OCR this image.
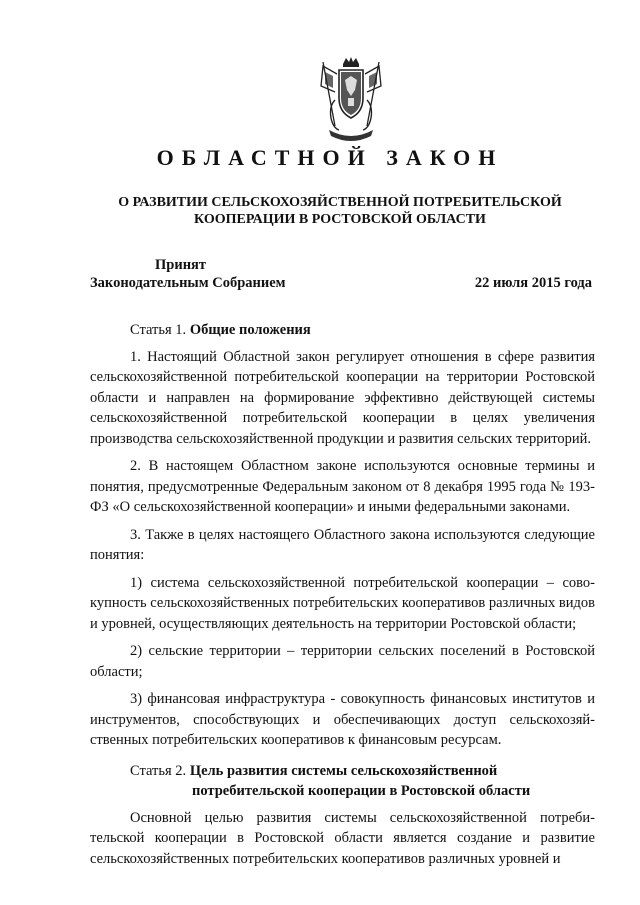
ОБЛАСТНОЙ ЗАКОН
О РАЗВИТИИ СЕЛЬСКОХОЗЯЙСТВЕННОЙ ПОТРЕБИТЕЛЬСКОЙ
КООПЕРАЦИИ В РОСТОВСКОЙ ОБЛАСТИ
Принят
Законодательным Собранием	22 июля 2015 года
Статья 1. Общие положения

1. Настоящий Областной закон регулирует отношения в сфере развития сельскохозяйственной потребительской кооперации на территории Ростовской области и направлен на формирование эффективно действующей системы сельскохозяйственной потребительской кооперации в целях увеличения производства сельскохозяйственной продукции и развития сельских территорий.

2. В настоящем Областном законе используются основные термины и понятия, предусмотренные Федеральным законом от 8 декабря 1995 года № 193-ФЗ «О сельскохозяйственной кооперации» и иными федеральными законами.

3. Также в целях настоящего Областного закона используются следующие понятия:

1) система сельскохозяйственной потребительской кооперации – совокупность сельскохозяйственных потребительских кооперативов различных видов и уровней, осуществляющих деятельность на территории Ростовской области;

2) сельские территории – территории сельских поселений в Ростовской области;

3) финансовая инфраструктура - совокупность финансовых институтов и инструментов, способствующих и обеспечивающих доступ сельскохозяйственных потребительских кооперативов к финансовым ресурсам.

Статья 2. Цель развития системы сельскохозяйственной
потребительской кооперации в Ростовской области

Основной целью развития системы сельскохозяйственной потребительской кооперации в Ростовской области является создание и развитие сельскохозяйственных потребительских кооперативов различных уровней и
